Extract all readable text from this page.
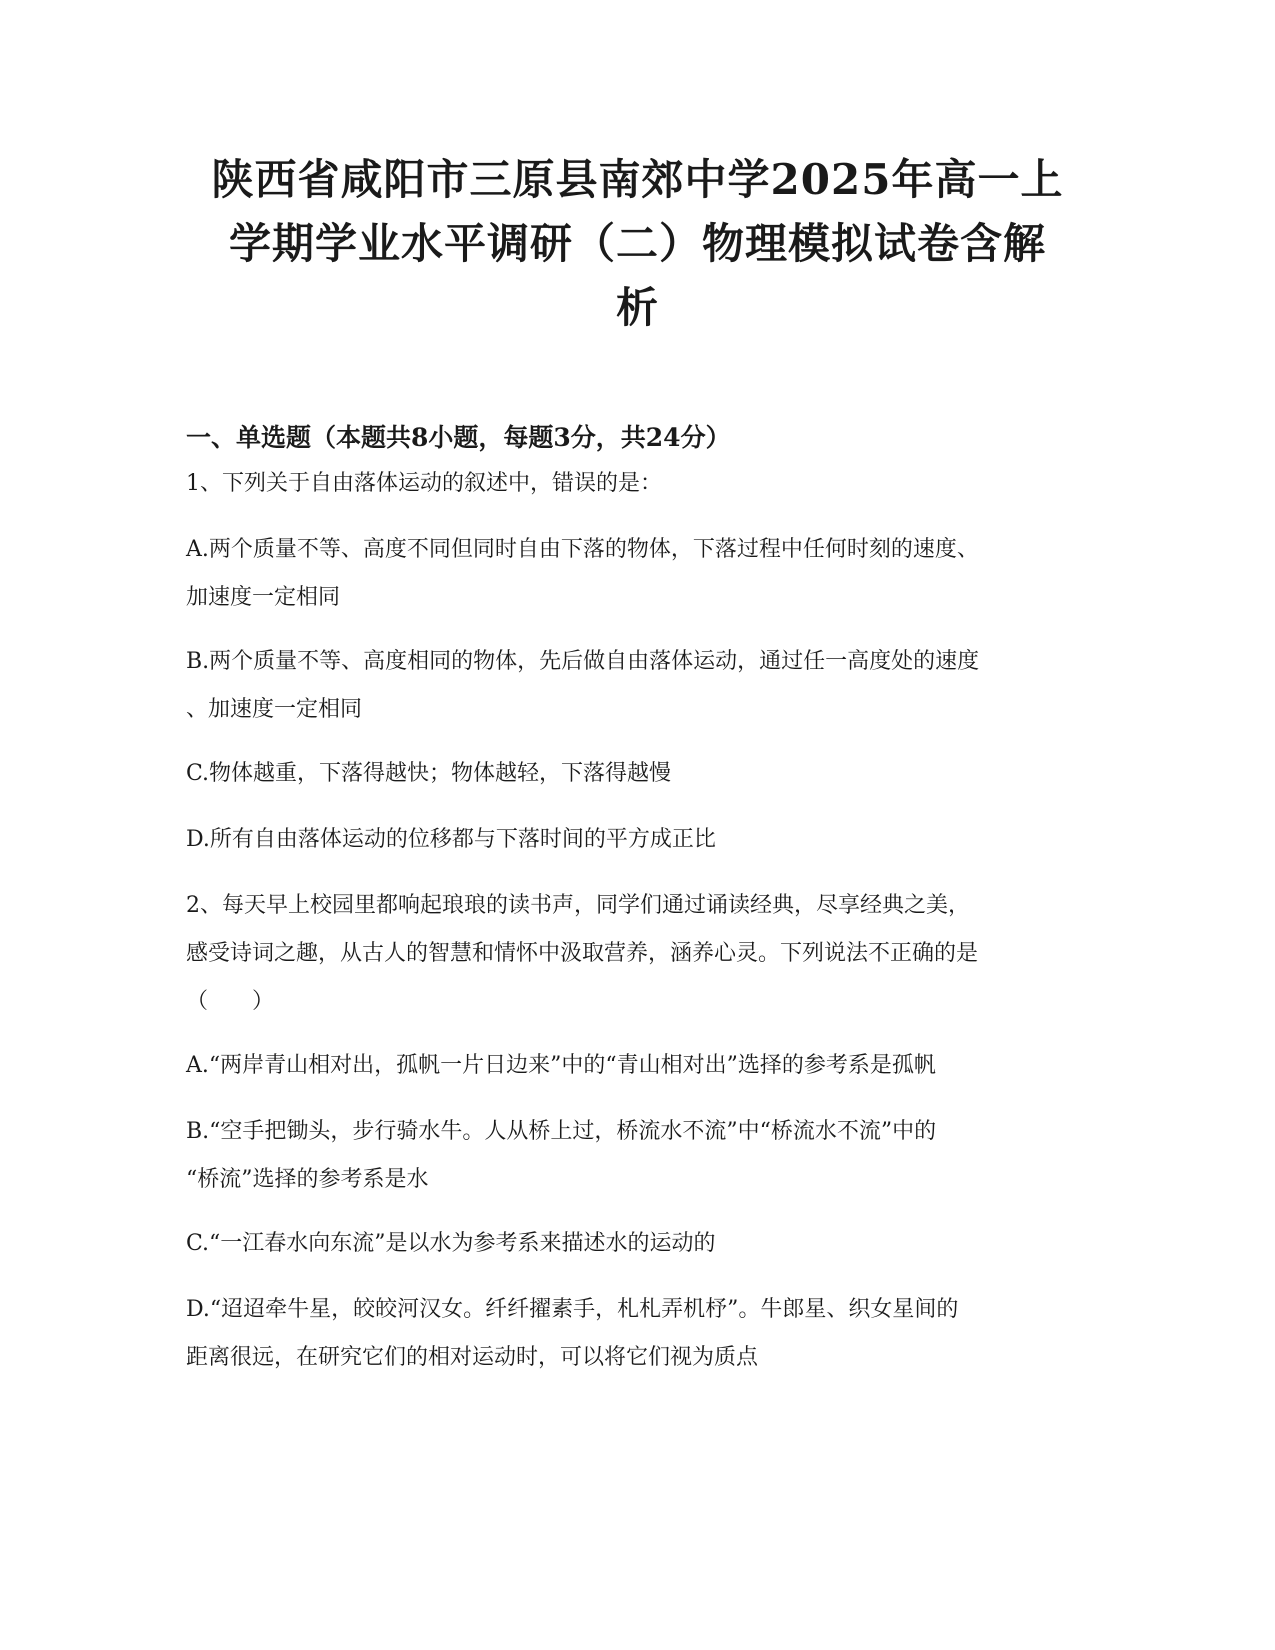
陕西省咸阳市三原县南郊中学2025年高一上
学期学业水平调研（二）物理模拟试卷含解
析
一、单选题（本题共8小题，每题3分，共24分）

1、下列关于自由落体运动的叙述中，错误的是：

A.两个质量不等、高度不同但同时自由下落的物体，下落过程中任何时刻的速度、
加速度一定相同

B.两个质量不等、高度相同的物体，先后做自由落体运动，通过任一高度处的速度
、加速度一定相同

C.物体越重，下落得越快；物体越轻，下落得越慢

D.所有自由落体运动的位移都与下落时间的平方成正比

2、每天早上校园里都响起琅琅的读书声，同学们通过诵读经典，尽享经典之美，
感受诗词之趣，从古人的智慧和情怀中汲取营养，涵养心灵。下列说法不正确的是
（　　）

A.“两岸青山相对出，孤帆一片日边来”中的“青山相对出”选择的参考系是孤帆

B.“空手把锄头，步行骑水牛。人从桥上过，桥流水不流”中“桥流水不流”中的
“桥流”选择的参考系是水

C.“一江春水向东流”是以水为参考系来描述水的运动的

D.“迢迢牵牛星，皎皎河汉女。纤纤擢素手，札札弄机杼”。牛郎星、织女星间的
距离很远，在研究它们的相对运动时，可以将它们视为质点
